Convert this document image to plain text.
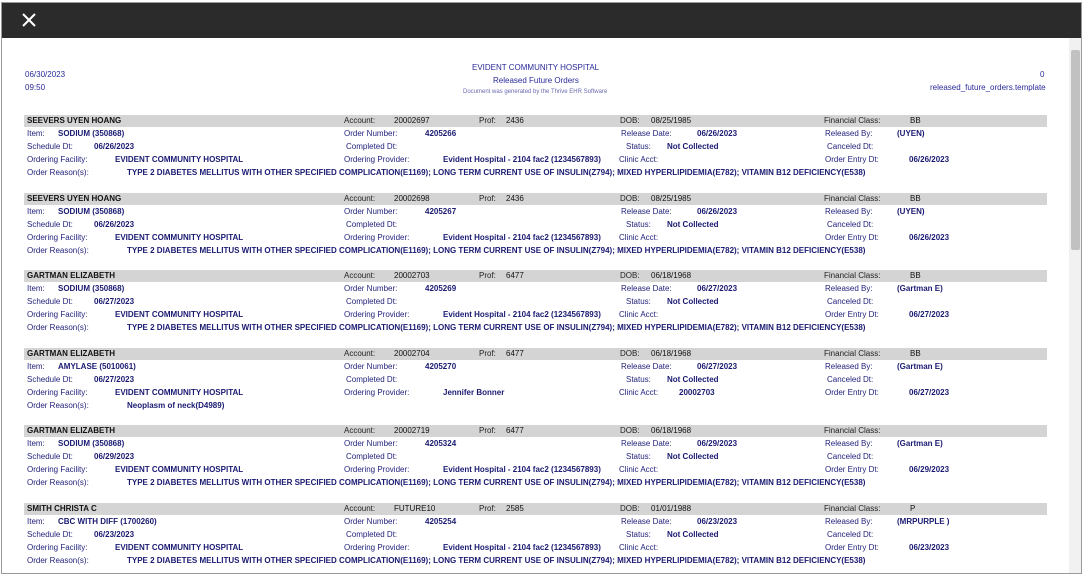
06/30/2023
09:50
EVIDENT COMMUNITY HOSPITAL
Released Future Orders
Document was generated by the Thrive EHR Software
0
released_future_orders.template
SEEVERS UYEN HOANG	Account: 20002697	Prof: 2436	DOB: 08/25/1985	Financial Class:	BB
Item: SODIUM (350868)	Order Number:	4205266	Release Date:	06/26/2023	Released By:	(UYEN)
Schedule Dt:	06/26/2023	Completed Dt:	Status: Not Collected	Canceled Dt:
Ordering Facility:	EVIDENT COMMUNITY HOSPITAL	Ordering Provider:	Evident Hospital - 2104 fac2 (1234567893) Clinic Acct:	Order Entry Dt:	06/26/2023
Order Reason(s):	TYPE 2 DIABETES MELLITUS WITH OTHER SPECIFIED COMPLICATION(E1169); LONG TERM CURRENT USE OF INSULIN(Z794); MIXED HYPERLIPIDEMIA(E782); VITAMIN B12 DEFICIENCY(E538)
SEEVERS UYEN HOANG	Account: 20002698	Prof: 2436	DOB: 08/25/1985	Financial Class:	BB
Item: SODIUM (350868)	Order Number:	4205267	Release Date:	06/26/2023	Released By:	(UYEN)
Schedule Dt:	06/26/2023	Completed Dt:	Status: Not Collected	Canceled Dt:
Ordering Facility:	EVIDENT COMMUNITY HOSPITAL	Ordering Provider:	Evident Hospital - 2104 fac2 (1234567893) Clinic Acct:	Order Entry Dt:	06/26/2023
Order Reason(s):	TYPE 2 DIABETES MELLITUS WITH OTHER SPECIFIED COMPLICATION(E1169); LONG TERM CURRENT USE OF INSULIN(Z794); MIXED HYPERLIPIDEMIA(E782); VITAMIN B12 DEFICIENCY(E538)
GARTMAN ELIZABETH	Account: 20002703	Prof: 6477	DOB: 06/18/1968	Financial Class:	BB
Item: SODIUM (350868)	Order Number:	4205269	Release Date:	06/27/2023	Released By:	(Gartman E)
Schedule Dt:	06/27/2023	Completed Dt:	Status: Not Collected	Canceled Dt:
Ordering Facility:	EVIDENT COMMUNITY HOSPITAL	Ordering Provider:	Evident Hospital - 2104 fac2 (1234567893) Clinic Acct:	Order Entry Dt:	06/27/2023
Order Reason(s):	TYPE 2 DIABETES MELLITUS WITH OTHER SPECIFIED COMPLICATION(E1169); LONG TERM CURRENT USE OF INSULIN(Z794); MIXED HYPERLIPIDEMIA(E782); VITAMIN B12 DEFICIENCY(E538)
GARTMAN ELIZABETH	Account: 20002704	Prof: 6477	DOB: 06/18/1968	Financial Class:	BB
Item: AMYLASE (5010061)	Order Number:	4205270	Release Date:	06/27/2023	Released By:	(Gartman E)
Schedule Dt:	06/27/2023	Completed Dt:	Status: Not Collected	Canceled Dt:
Ordering Facility:	EVIDENT COMMUNITY HOSPITAL	Ordering Provider:	Jennifer Bonner	Clinic Acct:	20002703	Order Entry Dt:	06/27/2023
Order Reason(s):	Neoplasm of neck(D4989)
GARTMAN ELIZABETH	Account: 20002719	Prof: 6477	DOB: 06/18/1968	Financial Class:
Item: SODIUM (350868)	Order Number:	4205324	Release Date:	06/29/2023	Released By:	(Gartman E)
Schedule Dt:	06/29/2023	Completed Dt:	Status: Not Collected	Canceled Dt:
Ordering Facility:	EVIDENT COMMUNITY HOSPITAL	Ordering Provider:	Evident Hospital - 2104 fac2 (1234567893) Clinic Acct:	Order Entry Dt:	06/29/2023
Order Reason(s):	TYPE 2 DIABETES MELLITUS WITH OTHER SPECIFIED COMPLICATION(E1169); LONG TERM CURRENT USE OF INSULIN(Z794); MIXED HYPERLIPIDEMIA(E782); VITAMIN B12 DEFICIENCY(E538)
SMITH CHRISTA C	Account: FUTURE10	Prof: 2585	DOB: 01/01/1988	Financial Class:	P
Item: CBC WITH DIFF (1700260)	Order Number:	4205254	Release Date:	06/23/2023	Released By:	(MRPURPLE )
Schedule Dt:	06/23/2023	Completed Dt:	Status: Not Collected	Canceled Dt:
Ordering Facility:	EVIDENT COMMUNITY HOSPITAL	Ordering Provider:	Evident Hospital - 2104 fac2 (1234567893) Clinic Acct:	Order Entry Dt:	06/23/2023
Order Reason(s):	TYPE 2 DIABETES MELLITUS WITH OTHER SPECIFIED COMPLICATION(E1169); LONG TERM CURRENT USE OF INSULIN(Z794); MIXED HYPERLIPIDEMIA(E782); VITAMIN B12 DEFICIENCY(E538)
